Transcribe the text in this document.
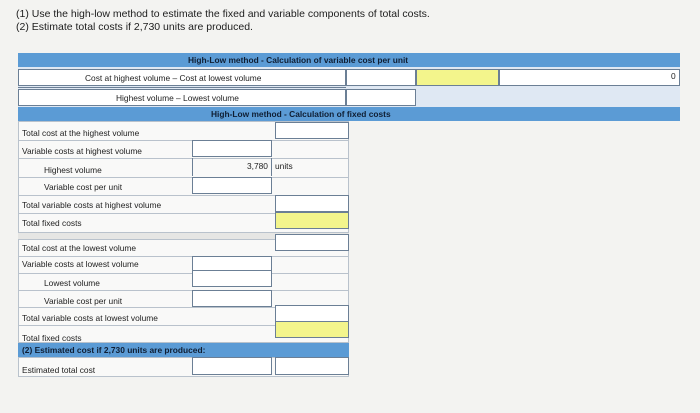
(1) Use the high-low method to estimate the fixed and variable components of total costs.
(2) Estimate total costs if 2,730 units are produced.
High-Low method - Calculation of variable cost per unit
Cost at highest volume – Cost at lowest volume
Highest volume – Lowest volume
0
High-Low method - Calculation of fixed costs
Total cost at the highest volume
Variable costs at highest volume
Highest volume
Variable cost per unit
Total variable costs at highest volume
Total fixed costs
3,780 units
Total cost at the lowest volume
Variable costs at lowest volume
Lowest volume
Variable cost per unit
Total variable costs at lowest volume
Total fixed costs
(2) Estimated cost if 2,730 units are produced:
Estimated total cost
